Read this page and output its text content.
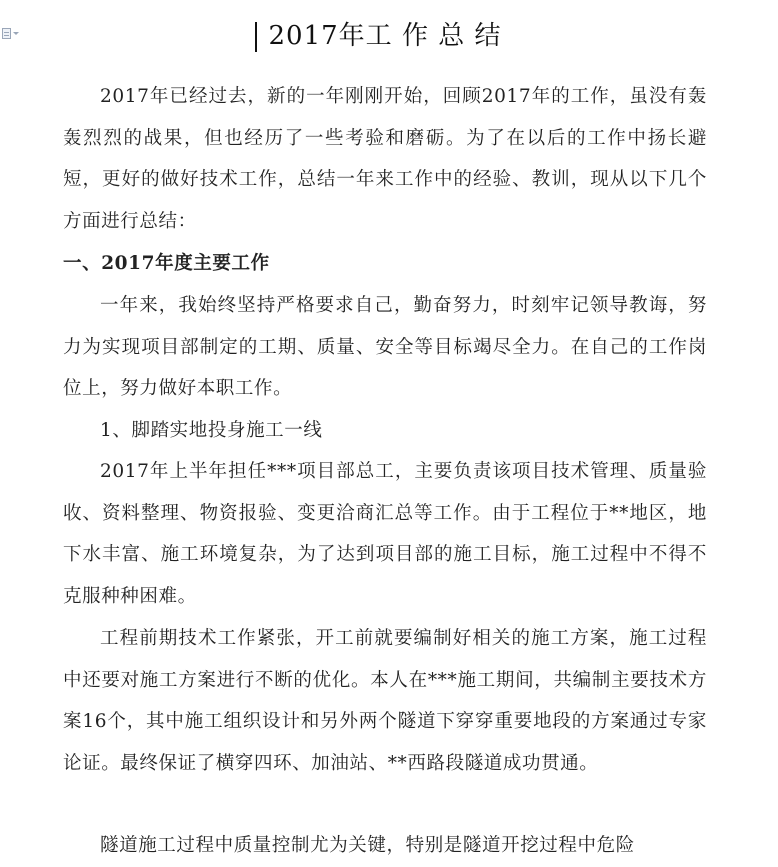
2017年工 作 总 结

2017年已经过去，新的一年刚刚开始，回顾2017年的工作，虽没有轰轰烈烈的战果，但也经历了一些考验和磨砺。为了在以后的工作中扬长避短，更好的做好技术工作，总结一年来工作中的经验、教训，现从以下几个方面进行总结：

一、2017年度主要工作

一年来，我始终坚持严格要求自己，勤奋努力，时刻牢记领导教诲，努力为实现项目部制定的工期、质量、安全等目标竭尽全力。在自己的工作岗位上，努力做好本职工作。

1、脚踏实地投身施工一线

2017年上半年担任***项目部总工，主要负责该项目技术管理、质量验收、资料整理、物资报验、变更洽商汇总等工作。由于工程位于**地区，地下水丰富、施工环境复杂，为了达到项目部的施工目标，施工过程中不得不克服种种困难。

工程前期技术工作紧张，开工前就要编制好相关的施工方案，施工过程中还要对施工方案进行不断的优化。本人在***施工期间，共编制主要技术方案16个，其中施工组织设计和另外两个隧道下穿穿重要地段的方案通过专家论证。最终保证了横穿四环、加油站、**西路段隧道成功贯通。

隧道施工过程中质量控制尤为关键，特别是隧道开挖过程中危险
